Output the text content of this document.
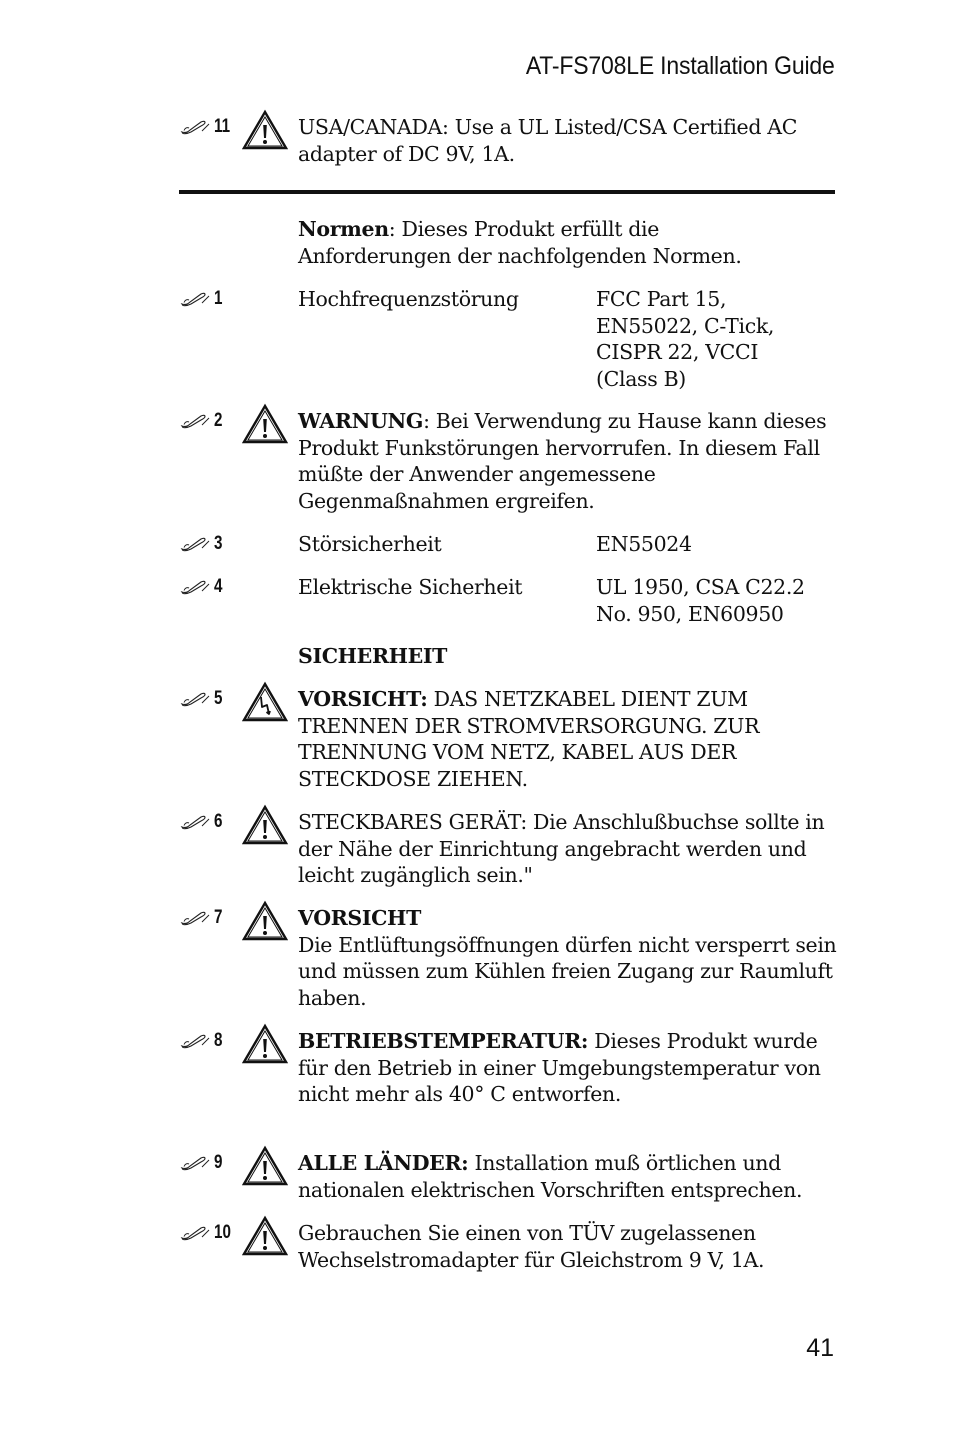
AT-FS708LE Installation Guide
11	USA/CANADA: Use a UL Listed/CSA Certified AC adapter of DC 9V, 1A.
Normen: Dieses Produkt erfüllt die Anforderungen der nachfolgenden Normen.
1	Hochfrequenzstörung	FCC Part 15, EN55022, C-Tick, CISPR 22, VCCI (Class B)
2	WARNUNG: Bei Verwendung zu Hause kann dieses Produkt Funkstörungen hervorrufen. In diesem Fall müßte der Anwender angemessene Gegenmaßnahmen ergreifen.
3	Störsicherheit	EN55024
4	Elektrische Sicherheit	UL 1950, CSA C22.2 No. 950, EN60950
SICHERHEIT
5	VORSICHT: DAS NETZKABEL DIENT ZUM TRENNEN DER STROMVERSORGUNG. ZUR TRENNUNG VOM NETZ, KABEL AUS DER STECKDOSE ZIEHEN.
6	STECKBARES GERÄT: Die Anschlußbuchse sollte in der Nähe der Einrichtung angebracht werden und leicht zugänglich sein."
7	VORSICHT
Die Entlüftungsöffnungen dürfen nicht versperrt sein und müssen zum Kühlen freien Zugang zur Raumluft haben.
8	BETRIEBSTEMPERATUR: Dieses Produkt wurde für den Betrieb in einer Umgebungstemperatur von nicht mehr als 40° C entworfen.
9	ALLE LÄNDER: Installation muß örtlichen und nationalen elektrischen Vorschriften entsprechen.
10	Gebrauchen Sie einen von TÜV zugelassenen Wechselstromadapter für Gleichstrom 9 V, 1A.
41
